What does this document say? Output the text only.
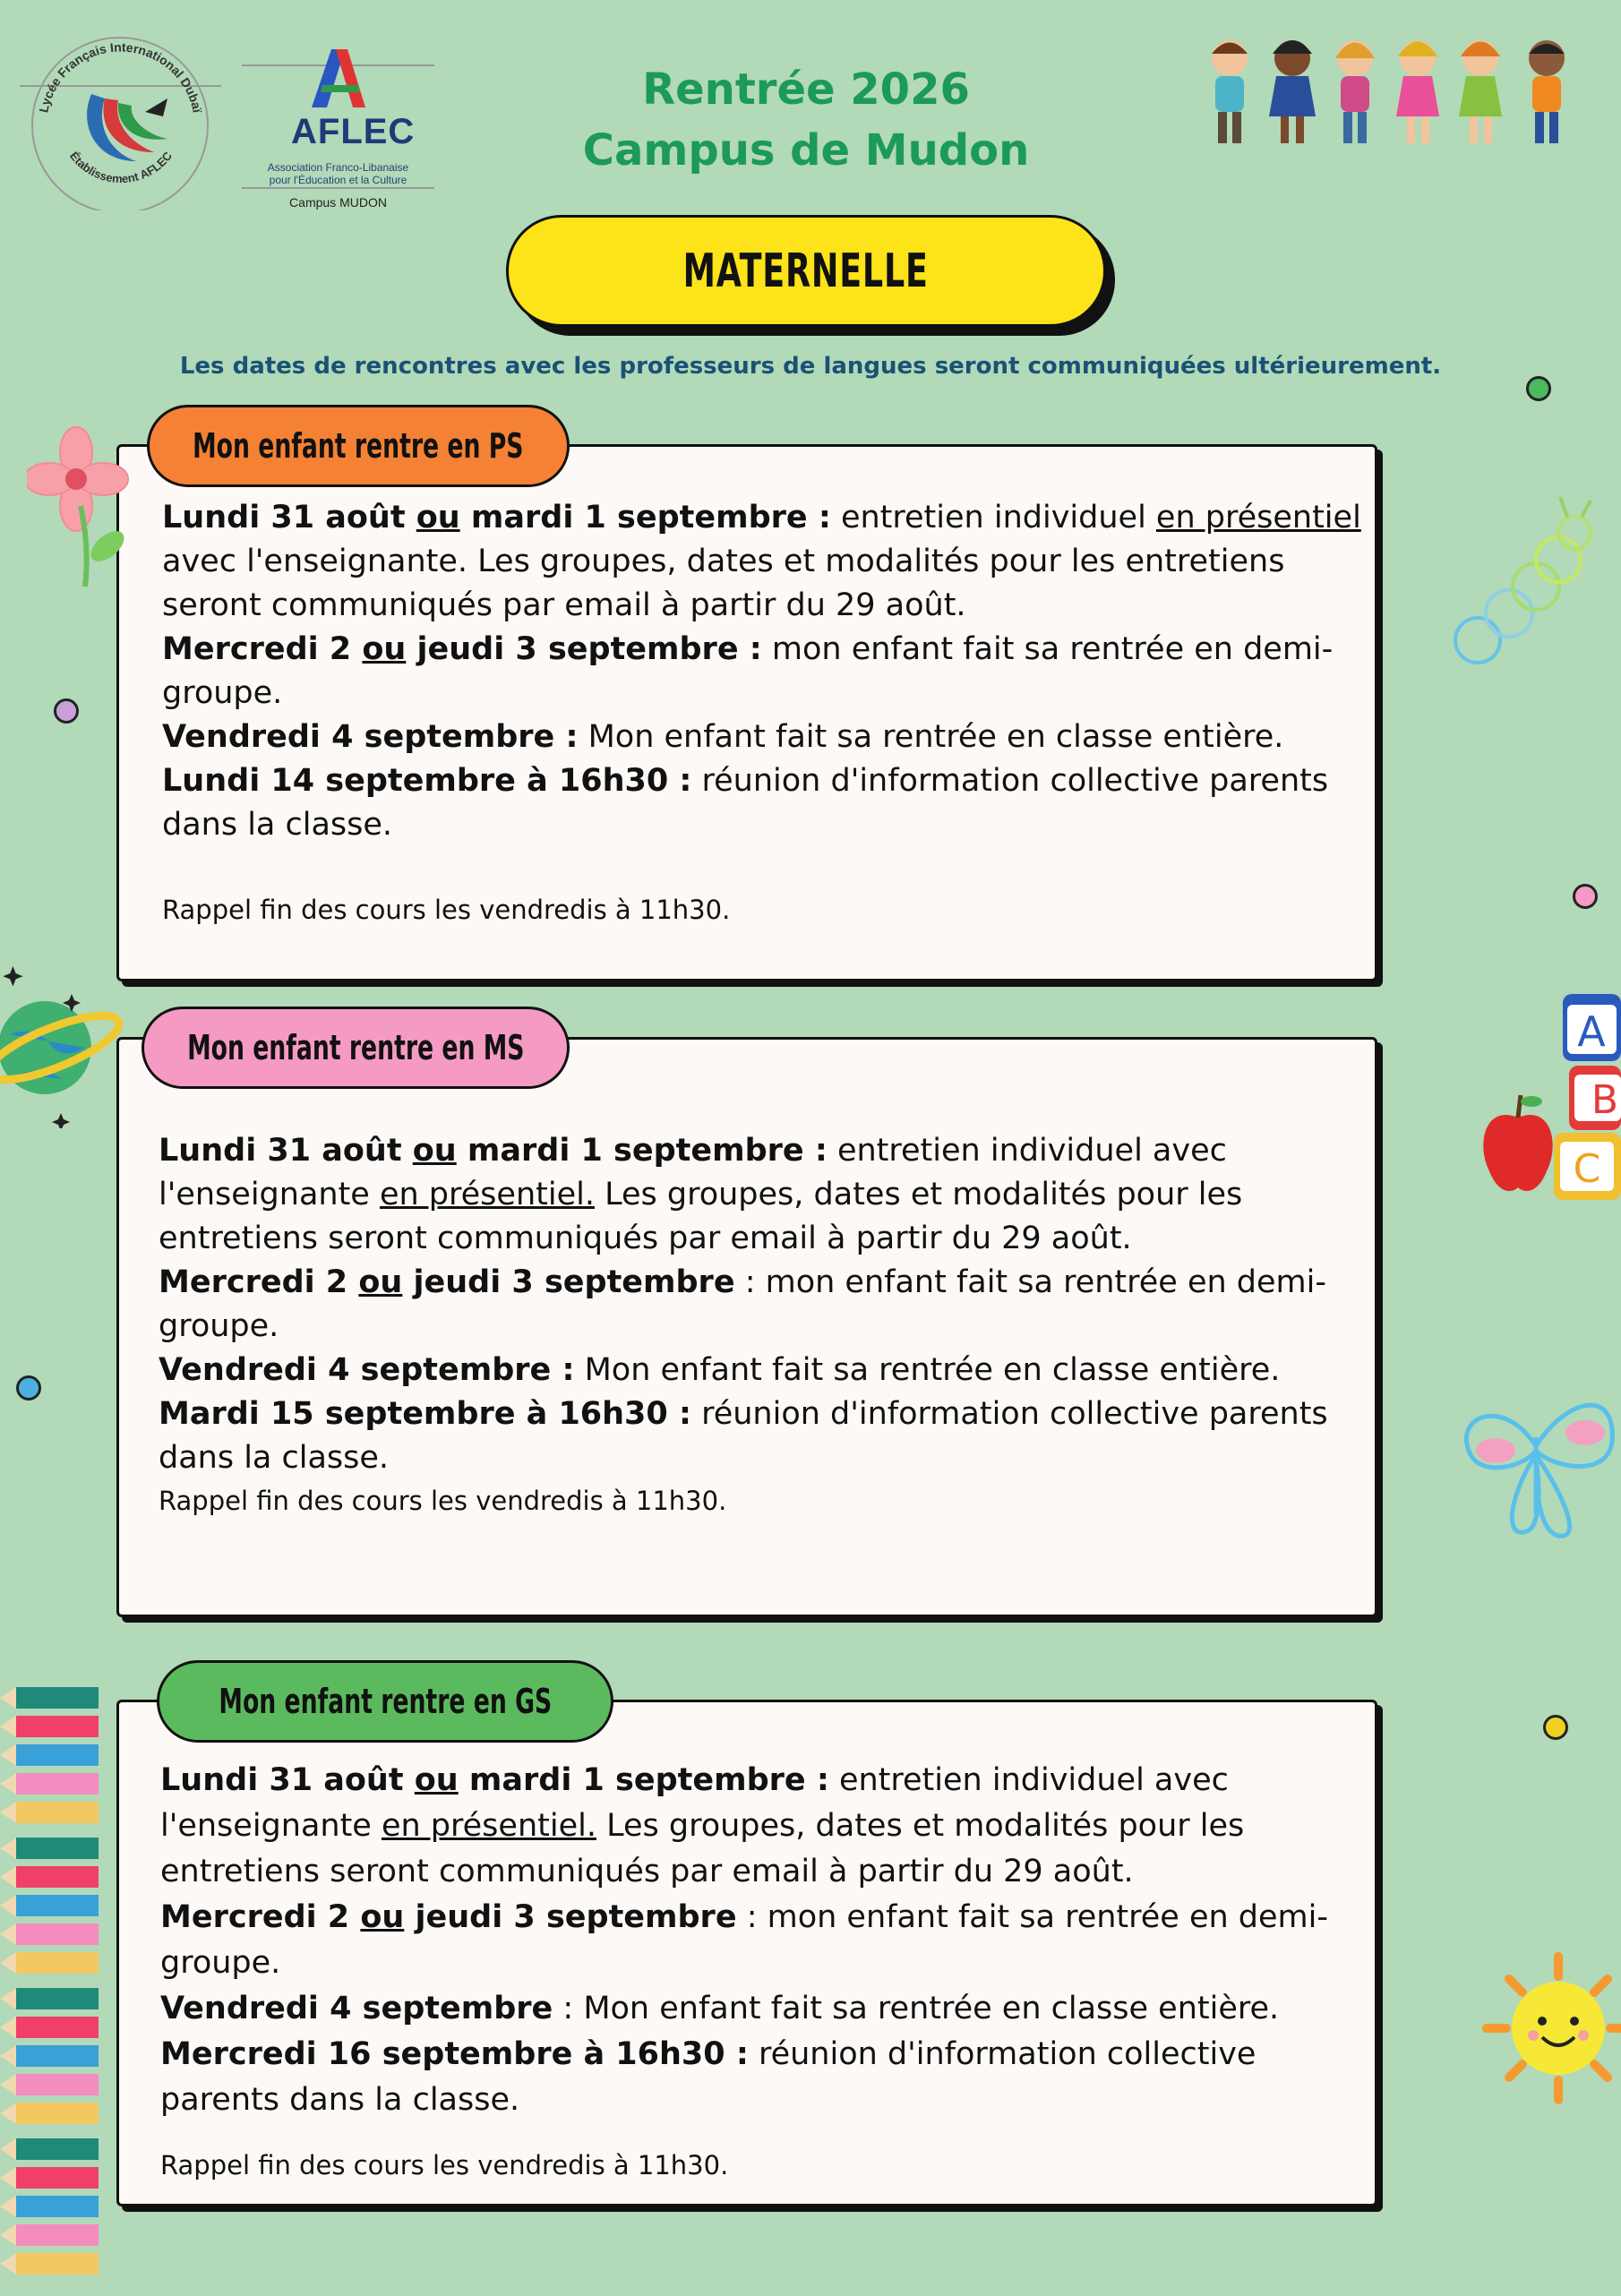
Lycée Français International Dubaï
Établissement AFLEC
AFLEC
Association Franco-Libanaise
pour l'Éducation et la Culture
Campus MUDON
Rentrée 2026
Campus de Mudon
MATERNELLE
Les dates de rencontres avec les professeurs de langues seront communiquées ultérieurement.

Lundi 31 août ou mardi 1 septembre : entretien individuel en présentiel avec l'enseignante. Les groupes, dates et modalités pour les entretiens seront communiqués par email à partir du 29 août.

Mercredi 2 ou jeudi 3 septembre : mon enfant fait sa rentrée en demi-groupe.

Vendredi 4 septembre : Mon enfant fait sa rentrée en classe entière.

Lundi 14 septembre à 16h30 : réunion d'information collective parents dans la classe.

Rappel fin des cours les vendredis à 11h30.
Mon enfant rentre en PS

Lundi 31 août ou mardi 1 septembre : entretien individuel avec l'enseignante en présentiel. Les groupes, dates et modalités pour les entretiens seront communiqués par email à partir du 29 août.

Mercredi 2 ou jeudi 3 septembre : mon enfant fait sa rentrée en demi-groupe.

Vendredi 4 septembre : Mon enfant fait sa rentrée en classe entière.

Mardi 15 septembre à 16h30 : réunion d'information collective parents dans la classe.

Rappel fin des cours les vendredis à 11h30.
Mon enfant rentre en MS

Lundi 31 août ou mardi 1 septembre : entretien individuel avec l'enseignante en présentiel. Les groupes, dates et modalités pour les entretiens seront communiqués par email à partir du 29 août.

Mercredi 2 ou jeudi 3 septembre : mon enfant fait sa rentrée en demi-groupe.

Vendredi 4 septembre : Mon enfant fait sa rentrée en classe entière.

Mercredi 16 septembre à 16h30 : réunion d'information collective parents dans la classe.

Rappel fin des cours les vendredis à 11h30.
Mon enfant rentre en GS
A
B
C
